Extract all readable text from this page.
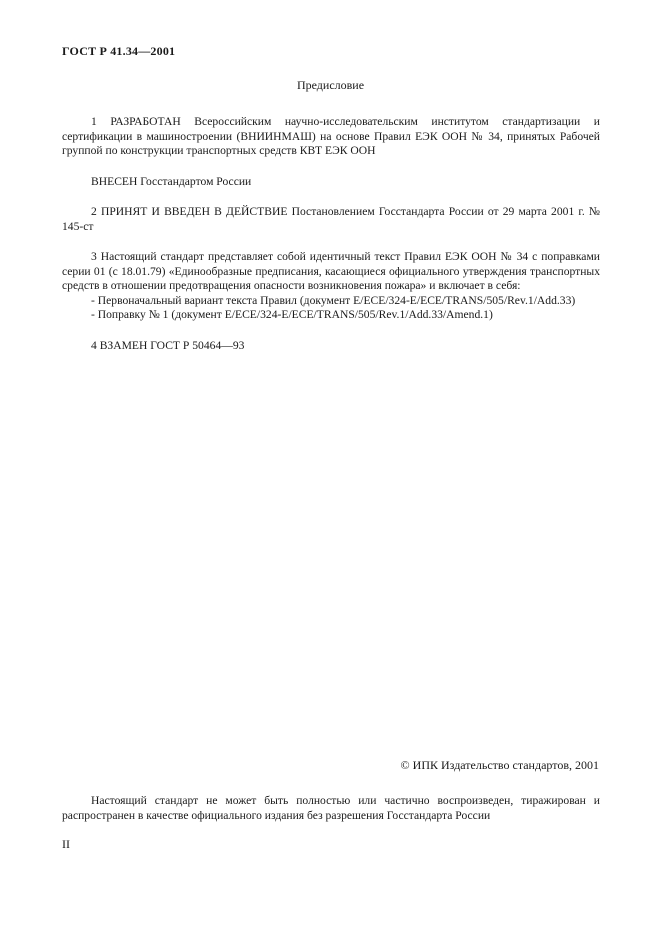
ГОСТ Р 41.34—2001
Предисловие

1 РАЗРАБОТАН Всероссийским научно-исследовательским институтом стандартизации и сертификации в машиностроении (ВНИИНМАШ) на основе Правил ЕЭК ООН № 34, принятых Рабочей группой по конструкции транспортных средств КВТ ЕЭК ООН

ВНЕСЕН Госстандартом России

2 ПРИНЯТ И ВВЕДЕН В ДЕЙСТВИЕ Постановлением Госстандарта России от 29 марта 2001 г. № 145-ст

3 Настоящий стандарт представляет собой идентичный текст Правил ЕЭК ООН № 34 с поправками серии 01 (с 18.01.79) «Единообразные предписания, касающиеся официального утверждения транспортных средств в отношении предотвращения опасности возникновения пожара» и включает в себя:

- Первоначальный вариант текста Правил (документ E/ECE/324-E/ECE/TRANS/505/Rev.1/Add.33)

- Поправку № 1 (документ E/ECE/324-E/ECE/TRANS/505/Rev.1/Add.33/Amend.1)

4 ВЗАМЕН ГОСТ Р 50464—93

© ИПК Издательство стандартов, 2001
Настоящий стандарт не может быть полностью или частично воспроизведен, тиражирован и распространен в качестве официального издания без разрешения Госстандарта России
II
